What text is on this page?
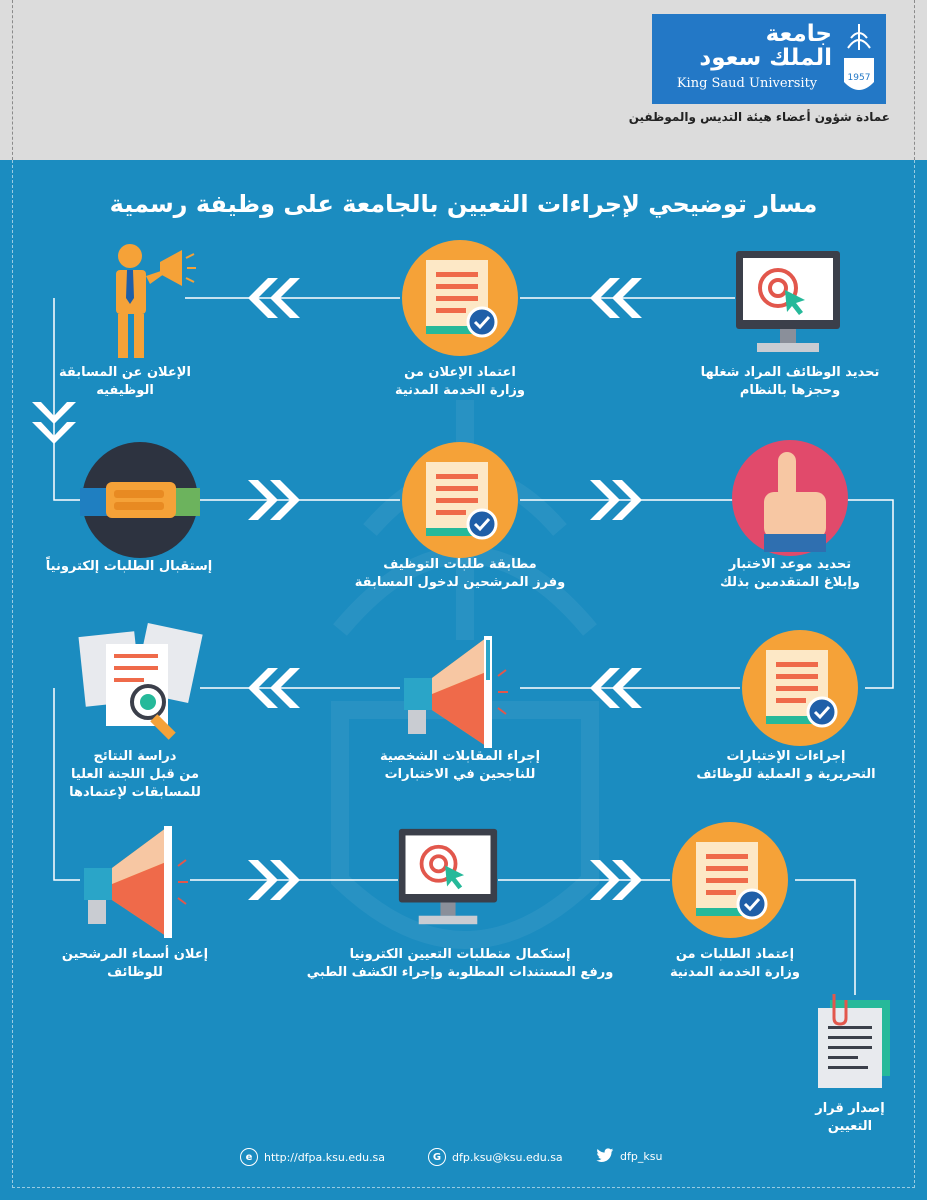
جامعة
الملك سعود
King Saud University	1957
عمادة شؤون أعضاء هيئة التديس والموظفين
مسار توضيحي لإجراءات التعيين بالجامعة على وظيفة رسمية
تحديد الوظائف المراد شغلها
وحجزها بالنظام
اعتماد الإعلان من
وزارة الخدمة المدنية
الإعلان عن المسابقة
الوظيفيه
إستقبال الطلبات إلكترونياً	مطابقة طلبات التوظيف
وفرز المرشحين لدخول المسابقة
تحديد موعد الاختبار
وإبلاغ المتقدمين بذلك
إجراءات الإختبارات
التحريرية و العملية للوظائف
إجراء المقابلات الشخصية
للناجحين في الاختبارات
دراسة النتائج
من قبل اللجنة العليا
للمسابقات لإعتمادها
إعلان أسماء المرشحين
للوظائف
إستكمال متطلبات التعيين الكترونيا
ورفع المستندات المطلوبة وإجراء الكشف الطبي
إعتماد الطلبات من
وزارة الخدمة المدنية
إصدار قرار
التعيين
e	http://dfpa.ksu.edu.sa	G dfp.ksu@ksu.edu.sa	dfp_ksu
